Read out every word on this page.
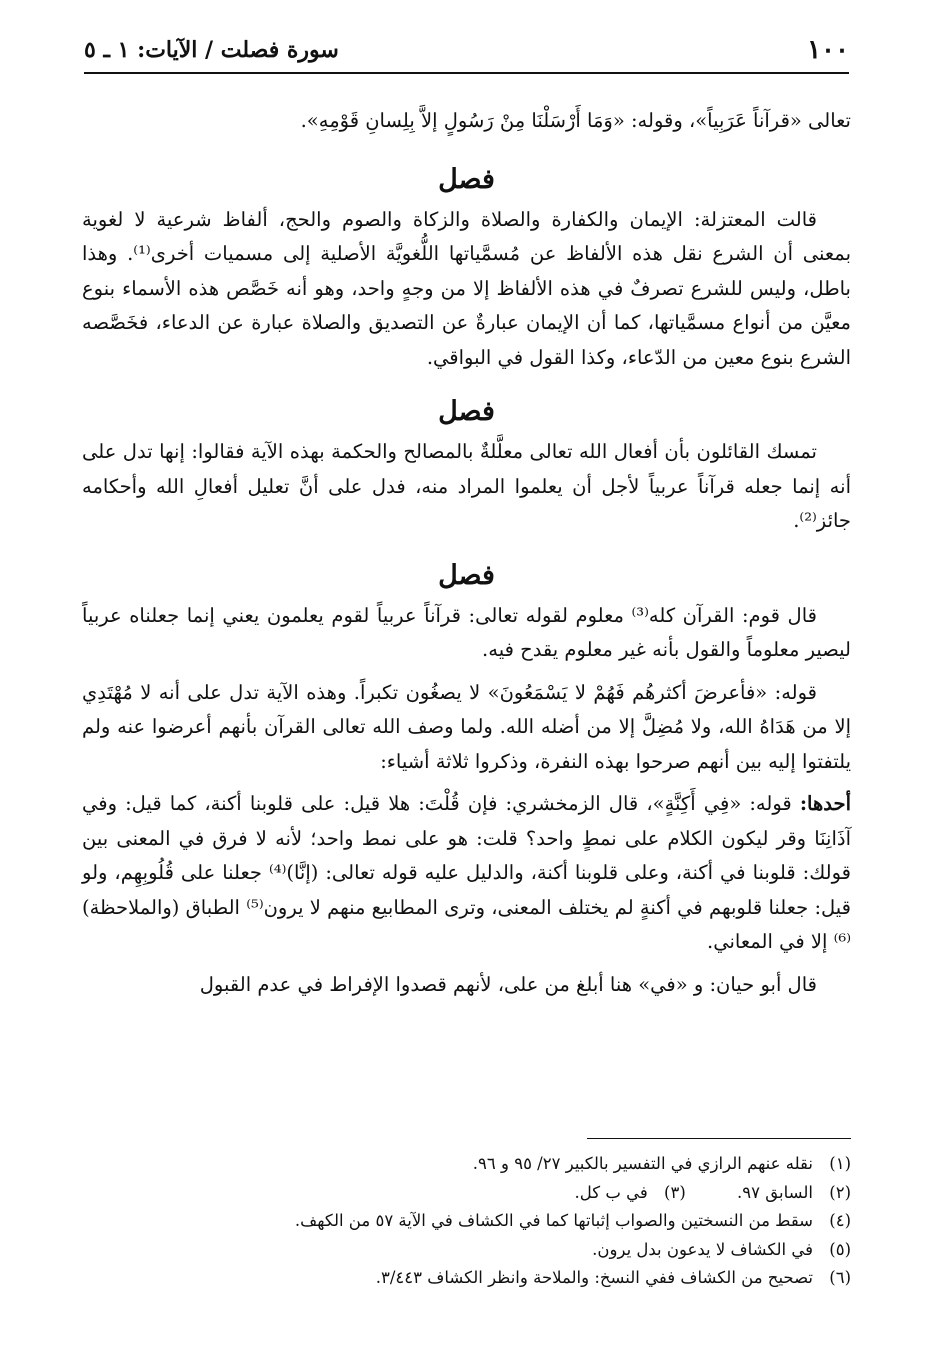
١٠٠
سورة فصلت / الآيات: ١ ـ ٥

تعالى «قرآناً عَرَبِياً»، وقوله: «وَمَا أَرْسَلْنَا مِنْ رَسُولٍ إلاَّ بِلِسانِ قَوْمِهِ».

فصل

قالت المعتزلة: الإيمان والكفارة والصلاة والزكاة والصوم والحج، ألفاظ شرعية لا لغوية بمعنى أن الشرع نقل هذه الألفاظ عن مُسمَّياتها اللُّغويَّة الأصلية إلى مسميات أخرى⁽¹⁾. وهذا باطل، وليس للشرع تصرفٌ في هذه الألفاظ إلا من وجهٍ واحد، وهو أنه خَصَّص هذه الأسماء بنوع معيَّن من أنواع مسمَّياتها، كما أن الإيمان عبارةٌ عن التصديق والصلاة عبارة عن الدعاء، فخَصَّصه الشرع بنوع معين من الدّعاء، وكذا القول في البواقي.

فصل

تمسك القائلون بأن أفعال الله تعالى معلَّلةٌ بالمصالح والحكمة بهذه الآية فقالوا: إنها تدل على أنه إنما جعله قرآناً عربياً لأجل أن يعلموا المراد منه، فدل على أنَّ تعليل أفعالِ الله وأحكامه جائز⁽²⁾.

فصل

قال قوم: القرآن كله⁽³⁾ معلوم لقوله تعالى: قرآناً عربياً لقوم يعلمون يعني إنما جعلناه عربياً ليصير معلوماً والقول بأنه غير معلوم يقدح فيه.

قوله: «فأعرضَ أكثرهُم فَهُمْ لا يَسْمَعُونَ» لا يصغُون تكبراً. وهذه الآية تدل على أنه لا مُهْتَدِي إلا من هَدَاهُ الله، ولا مُضِلَّ إلا من أضله الله. ولما وصف الله تعالى القرآن بأنهم أعرضوا عنه ولم يلتفتوا إليه بين أنهم صرحوا بهذه النفرة، وذكروا ثلاثة أشياء:

أحدها: قوله: «فِي أَكِنَّةٍ»، قال الزمخشري: فإن قُلْتَ: هلا قيل: على قلوبنا أكنة، كما قيل: وفي آذَانِنَا وقر ليكون الكلام على نمطٍ واحد؟ قلت: هو على نمط واحد؛ لأنه لا فرق في المعنى بين قولك: قلوبنا في أكنة، وعلى قلوبنا أكنة، والدليل عليه قوله تعالى: (إنَّا)⁽⁴⁾ جعلنا على قُلُوبِهِم، ولو قيل: جعلنا قلوبهم في أكنةٍ لم يختلف المعنى، وترى المطابيع منهم لا يرون⁽⁵⁾ الطباق (والملاحظة)⁽⁶⁾ إلا في المعاني.

قال أبو حيان: و «في» هنا أبلغ من على، لأنهم قصدوا الإفراط في عدم القبول

(١)نقله عنهم الرازي في التفسير بالكبير ٢٧/ ٩٥ و ٩٦.

(٢)السابق ٩٧.

(٣)في ب كل.

(٤)سقط من النسختين والصواب إثباتها كما في الكشاف في الآية ٥٧ من الكهف.

(٥)في الكشاف لا يدعون بدل يرون.

(٦)تصحيح من الكشاف ففي النسخ: والملاحة وانظر الكشاف ٣/٤٤٣.
